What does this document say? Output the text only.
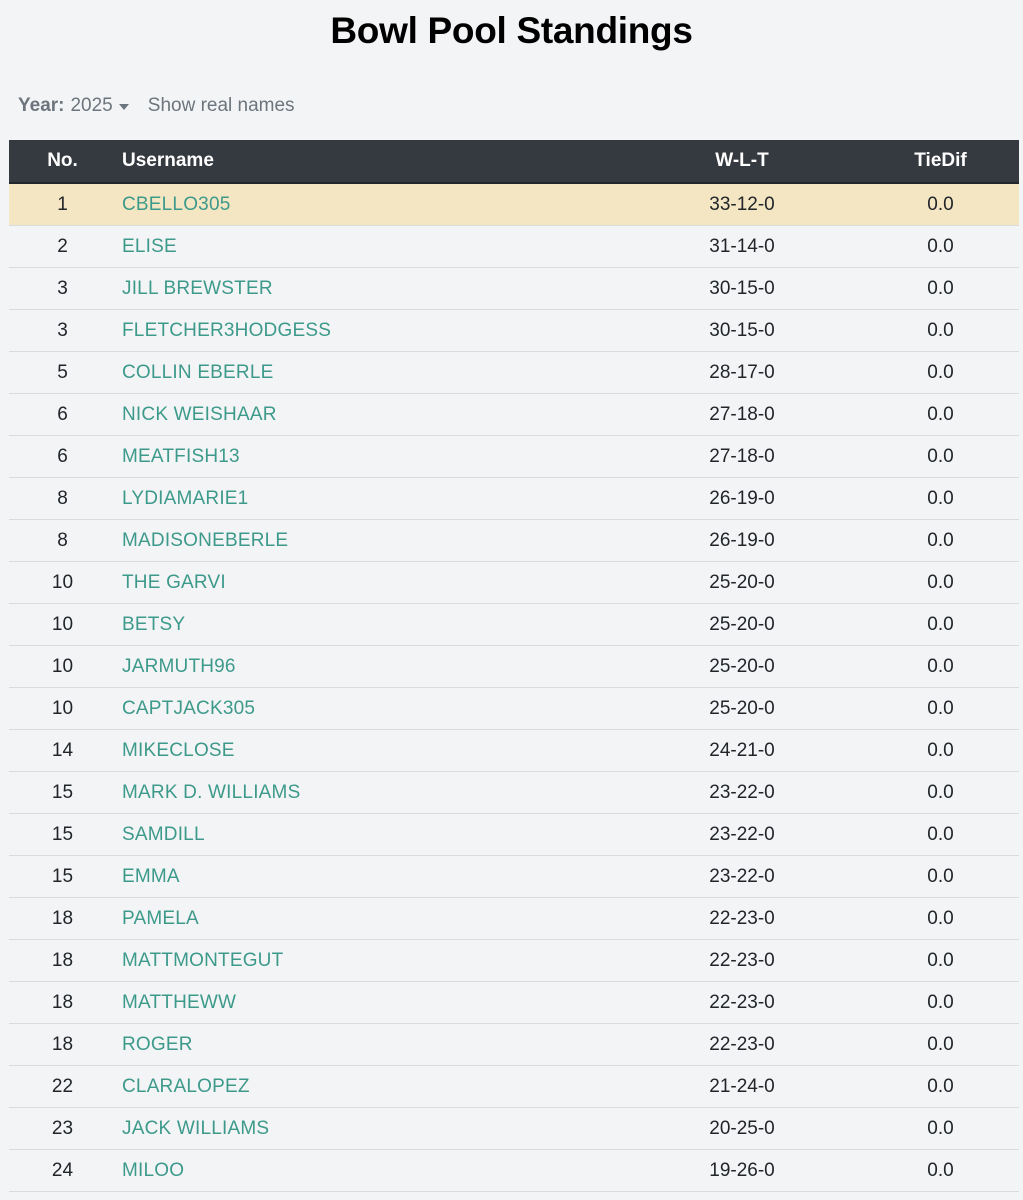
Bowl Pool Standings
Year: 2025 Show real names
No.	Username	W-L-T	TieDif
1	CBELLO305	33-12-0	0.0
2	ELISE	31-14-0	0.0
3	JILL BREWSTER	30-15-0	0.0
3	FLETCHER3HODGESS	30-15-0	0.0
5	COLLIN EBERLE	28-17-0	0.0
6	NICK WEISHAAR	27-18-0	0.0
6	MEATFISH13	27-18-0	0.0
8	LYDIAMARIE1	26-19-0	0.0
8	MADISONEBERLE	26-19-0	0.0
10	THE GARVI	25-20-0	0.0
10	BETSY	25-20-0	0.0
10	JARMUTH96	25-20-0	0.0
10	CAPTJACK305	25-20-0	0.0
14	MIKECLOSE	24-21-0	0.0
15	MARK D. WILLIAMS	23-22-0	0.0
15	SAMDILL	23-22-0	0.0
15	EMMA	23-22-0	0.0
18	PAMELA	22-23-0	0.0
18	MATTMONTEGUT	22-23-0	0.0
18	MATTHEWW	22-23-0	0.0
18	ROGER	22-23-0	0.0
22	CLARALOPEZ	21-24-0	0.0
23	JACK WILLIAMS	20-25-0	0.0
24	MILOO	19-26-0	0.0
